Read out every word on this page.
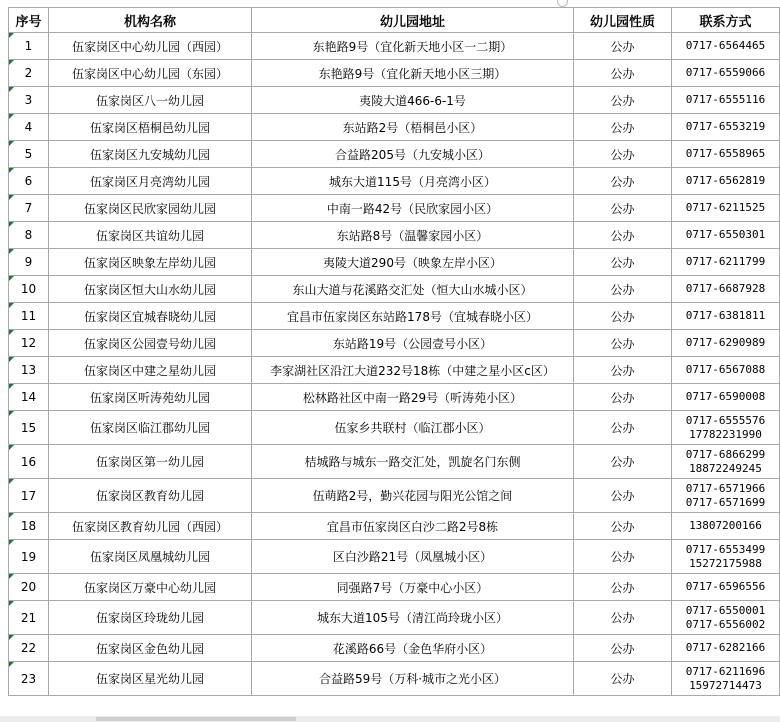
序号	机构名称	幼儿园地址	幼儿园性质	联系方式
1	伍家岗区中心幼儿园（西园）	东艳路9号（宜化新天地小区一二期）	公办	0717-6564465

2	伍家岗区中心幼儿园（东园）	东艳路9号（宜化新天地小区三期）	公办	0717-6559066

3	伍家岗区八一幼儿园	夷陵大道466-6-1号	公办	0717-6555116

4	伍家岗区梧桐邑幼儿园	东站路2号（梧桐邑小区）	公办	0717-6553219

5	伍家岗区九安城幼儿园	合益路205号（九安城小区）	公办	0717-6558965

6	伍家岗区月亮湾幼儿园	城东大道115号（月亮湾小区）	公办	0717-6562819

7	伍家岗区民欣家园幼儿园	中南一路42号（民欣家园小区）	公办	0717-6211525

8	伍家岗区共谊幼儿园	东站路8号（温馨家园小区）	公办	0717-6550301

9	伍家岗区映象左岸幼儿园	夷陵大道290号（映象左岸小区）	公办	0717-6211799

10	伍家岗区恒大山水幼儿园	东山大道与花溪路交汇处（恒大山水城小区）	公办	0717-6687928

11	伍家岗区宜城春晓幼儿园	宜昌市伍家岗区东站路178号（宜城春晓小区）	公办	0717-6381811

12	伍家岗区公园壹号幼儿园	东站路19号（公园壹号小区）	公办	0717-6290989

13	伍家岗区中建之星幼儿园	李家湖社区沿江大道232号18栋（中建之星小区c区）	公办	0717-6567088

14	伍家岗区听涛苑幼儿园	松林路社区中南一路29号（听涛苑小区）	公办	0717-6590008

15	伍家岗区临江郡幼儿园	伍家乡共联村（临江郡小区）	公办	0717-6555576
17782231990

16	伍家岗区第一幼儿园	桔城路与城东一路交汇处，凯旋名门东侧	公办	0717-6866299
18872249245

17	伍家岗区教育幼儿园	伍萌路2号，勤兴花园与阳光公馆之间	公办	0717-6571966
0717-6571699

18	伍家岗区教育幼儿园（西园）	宜昌市伍家岗区白沙二路2号8栋	公办	13807200166

19	伍家岗区凤凰城幼儿园	区白沙路21号（凤凰城小区）	公办	0717-6553499
15272175988

20	伍家岗区万豪中心幼儿园	同强路7号（万豪中心小区）	公办	0717-6596556

21	伍家岗区玲珑幼儿园	城东大道105号（清江尚玲珑小区）	公办	0717-6550001
0717-6556002

22	伍家岗区金色幼儿园	花溪路66号（金色华府小区）	公办	0717-6282166

23	伍家岗区星光幼儿园	合益路59号（万科·城市之光小区）	公办	0717-6211696
15972714473
